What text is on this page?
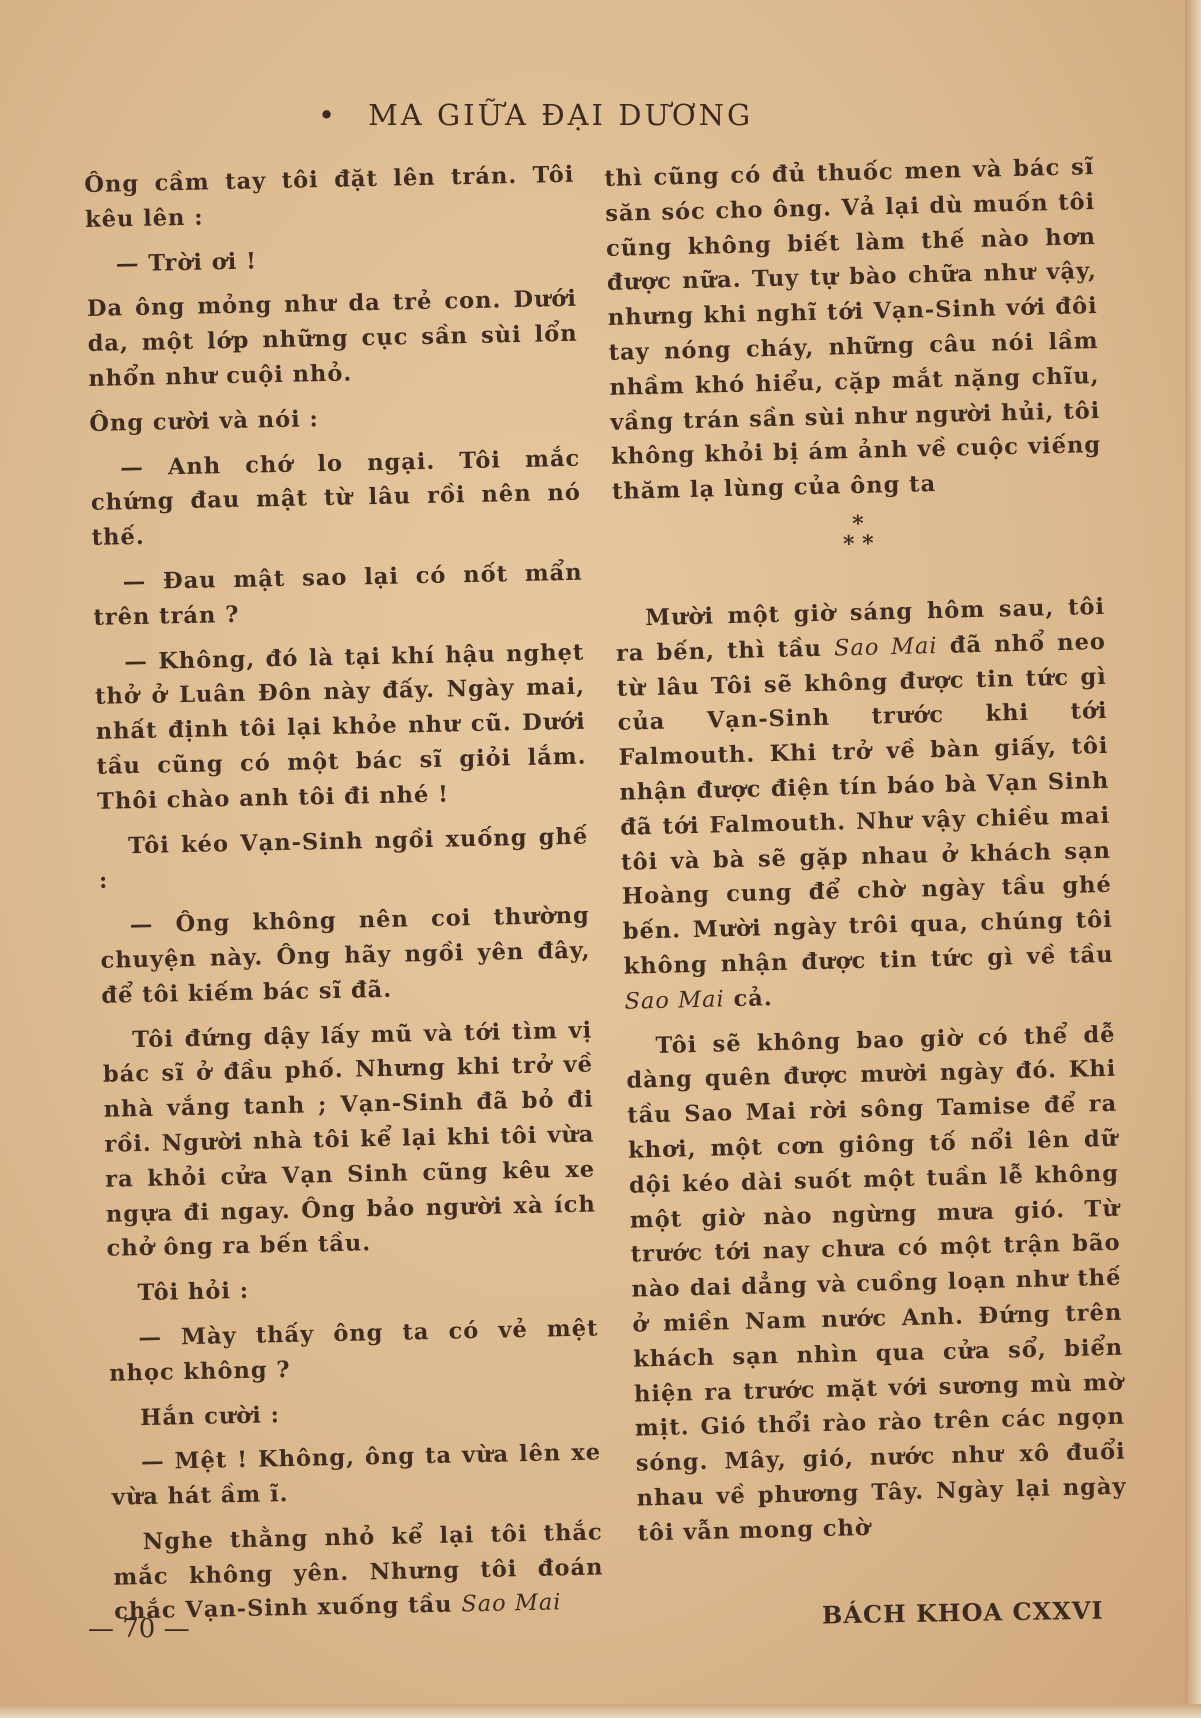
• MA GIỮA ĐẠI DƯƠNG

Ông cầm tay tôi đặt lên trán. Tôi kêu lên :

— Trời ơi !

Da ông mỏng như da trẻ con. Dưới da, một lớp những cục sần sùi lổn nhổn như cuội nhỏ.

Ông cười và nói :

— Anh chớ lo ngại. Tôi mắc chứng đau mật từ lâu rồi nên nó thế.

— Đau mật sao lại có nốt mẩn trên trán ?

— Không, đó là tại khí hậu nghẹt thở ở Luân Đôn này đấy. Ngày mai, nhất định tôi lại khỏe như cũ. Dưới tầu cũng có một bác sĩ giỏi lắm. Thôi chào anh tôi đi nhé !

Tôi kéo Vạn-Sinh ngồi xuống ghế :

— Ông không nên coi thường chuyện này. Ông hãy ngồi yên đây, để tôi kiếm bác sĩ đã.

Tôi đứng dậy lấy mũ và tới tìm vị bác sĩ ở đầu phố. Nhưng khi trở về nhà vắng tanh ; Vạn-Sinh đã bỏ đi rồi. Người nhà tôi kể lại khi tôi vừa ra khỏi cửa Vạn Sinh cũng kêu xe ngựa đi ngay. Ông bảo người xà ích chở ông ra bến tầu.

Tôi hỏi :

— Mày thấy ông ta có vẻ mệt nhọc không ?

Hắn cười :

— Mệt ! Không, ông ta vừa lên xe vừa hát ầm ĩ.

Nghe thằng nhỏ kể lại tôi thắc mắc không yên. Nhưng tôi đoán chắc Vạn-Sinh xuống tầu Sao Mai

thì cũng có đủ thuốc men và bác sĩ săn sóc cho ông. Vả lại dù muốn tôi cũng không biết làm thế nào hơn được nữa. Tuy tự bào chữa như vậy, nhưng khi nghĩ tới Vạn-Sinh với đôi tay nóng cháy, những câu nói lầm nhầm khó hiểu, cặp mắt nặng chĩu, vầng trán sần sùi như người hủi, tôi không khỏi bị ám ảnh về cuộc viếng thăm lạ lùng của ông ta

*
* *

Mười một giờ sáng hôm sau, tôi ra bến, thì tầu Sao Mai đã nhổ neo từ lâu Tôi sẽ không được tin tức gì của Vạn-Sinh trước khi tới Falmouth. Khi trở về bàn giấy, tôi nhận được điện tín báo bà Vạn Sinh đã tới Falmouth. Như vậy chiều mai tôi và bà sẽ gặp nhau ở khách sạn Hoàng cung để chờ ngày tầu ghé bến. Mười ngày trôi qua, chúng tôi không nhận được tin tức gì về tầu Sao Mai cả.

Tôi sẽ không bao giờ có thể dễ dàng quên được mười ngày đó. Khi tầu Sao Mai rời sông Tamise để ra khơi, một cơn giông tố nổi lên dữ dội kéo dài suốt một tuần lễ không một giờ nào ngừng mưa gió. Từ trước tới nay chưa có một trận bão nào dai dẳng và cuồng loạn như thế ở miền Nam nước Anh. Đứng trên khách sạn nhìn qua cửa sổ, biển hiện ra trước mặt với sương mù mờ mịt. Gió thổi rào rào trên các ngọn sóng. Mây, gió, nước như xô đuổi nhau về phương Tây. Ngày lại ngày tôi vẫn mong chờ

— 70 —	BÁCH KHOA CXXVI
